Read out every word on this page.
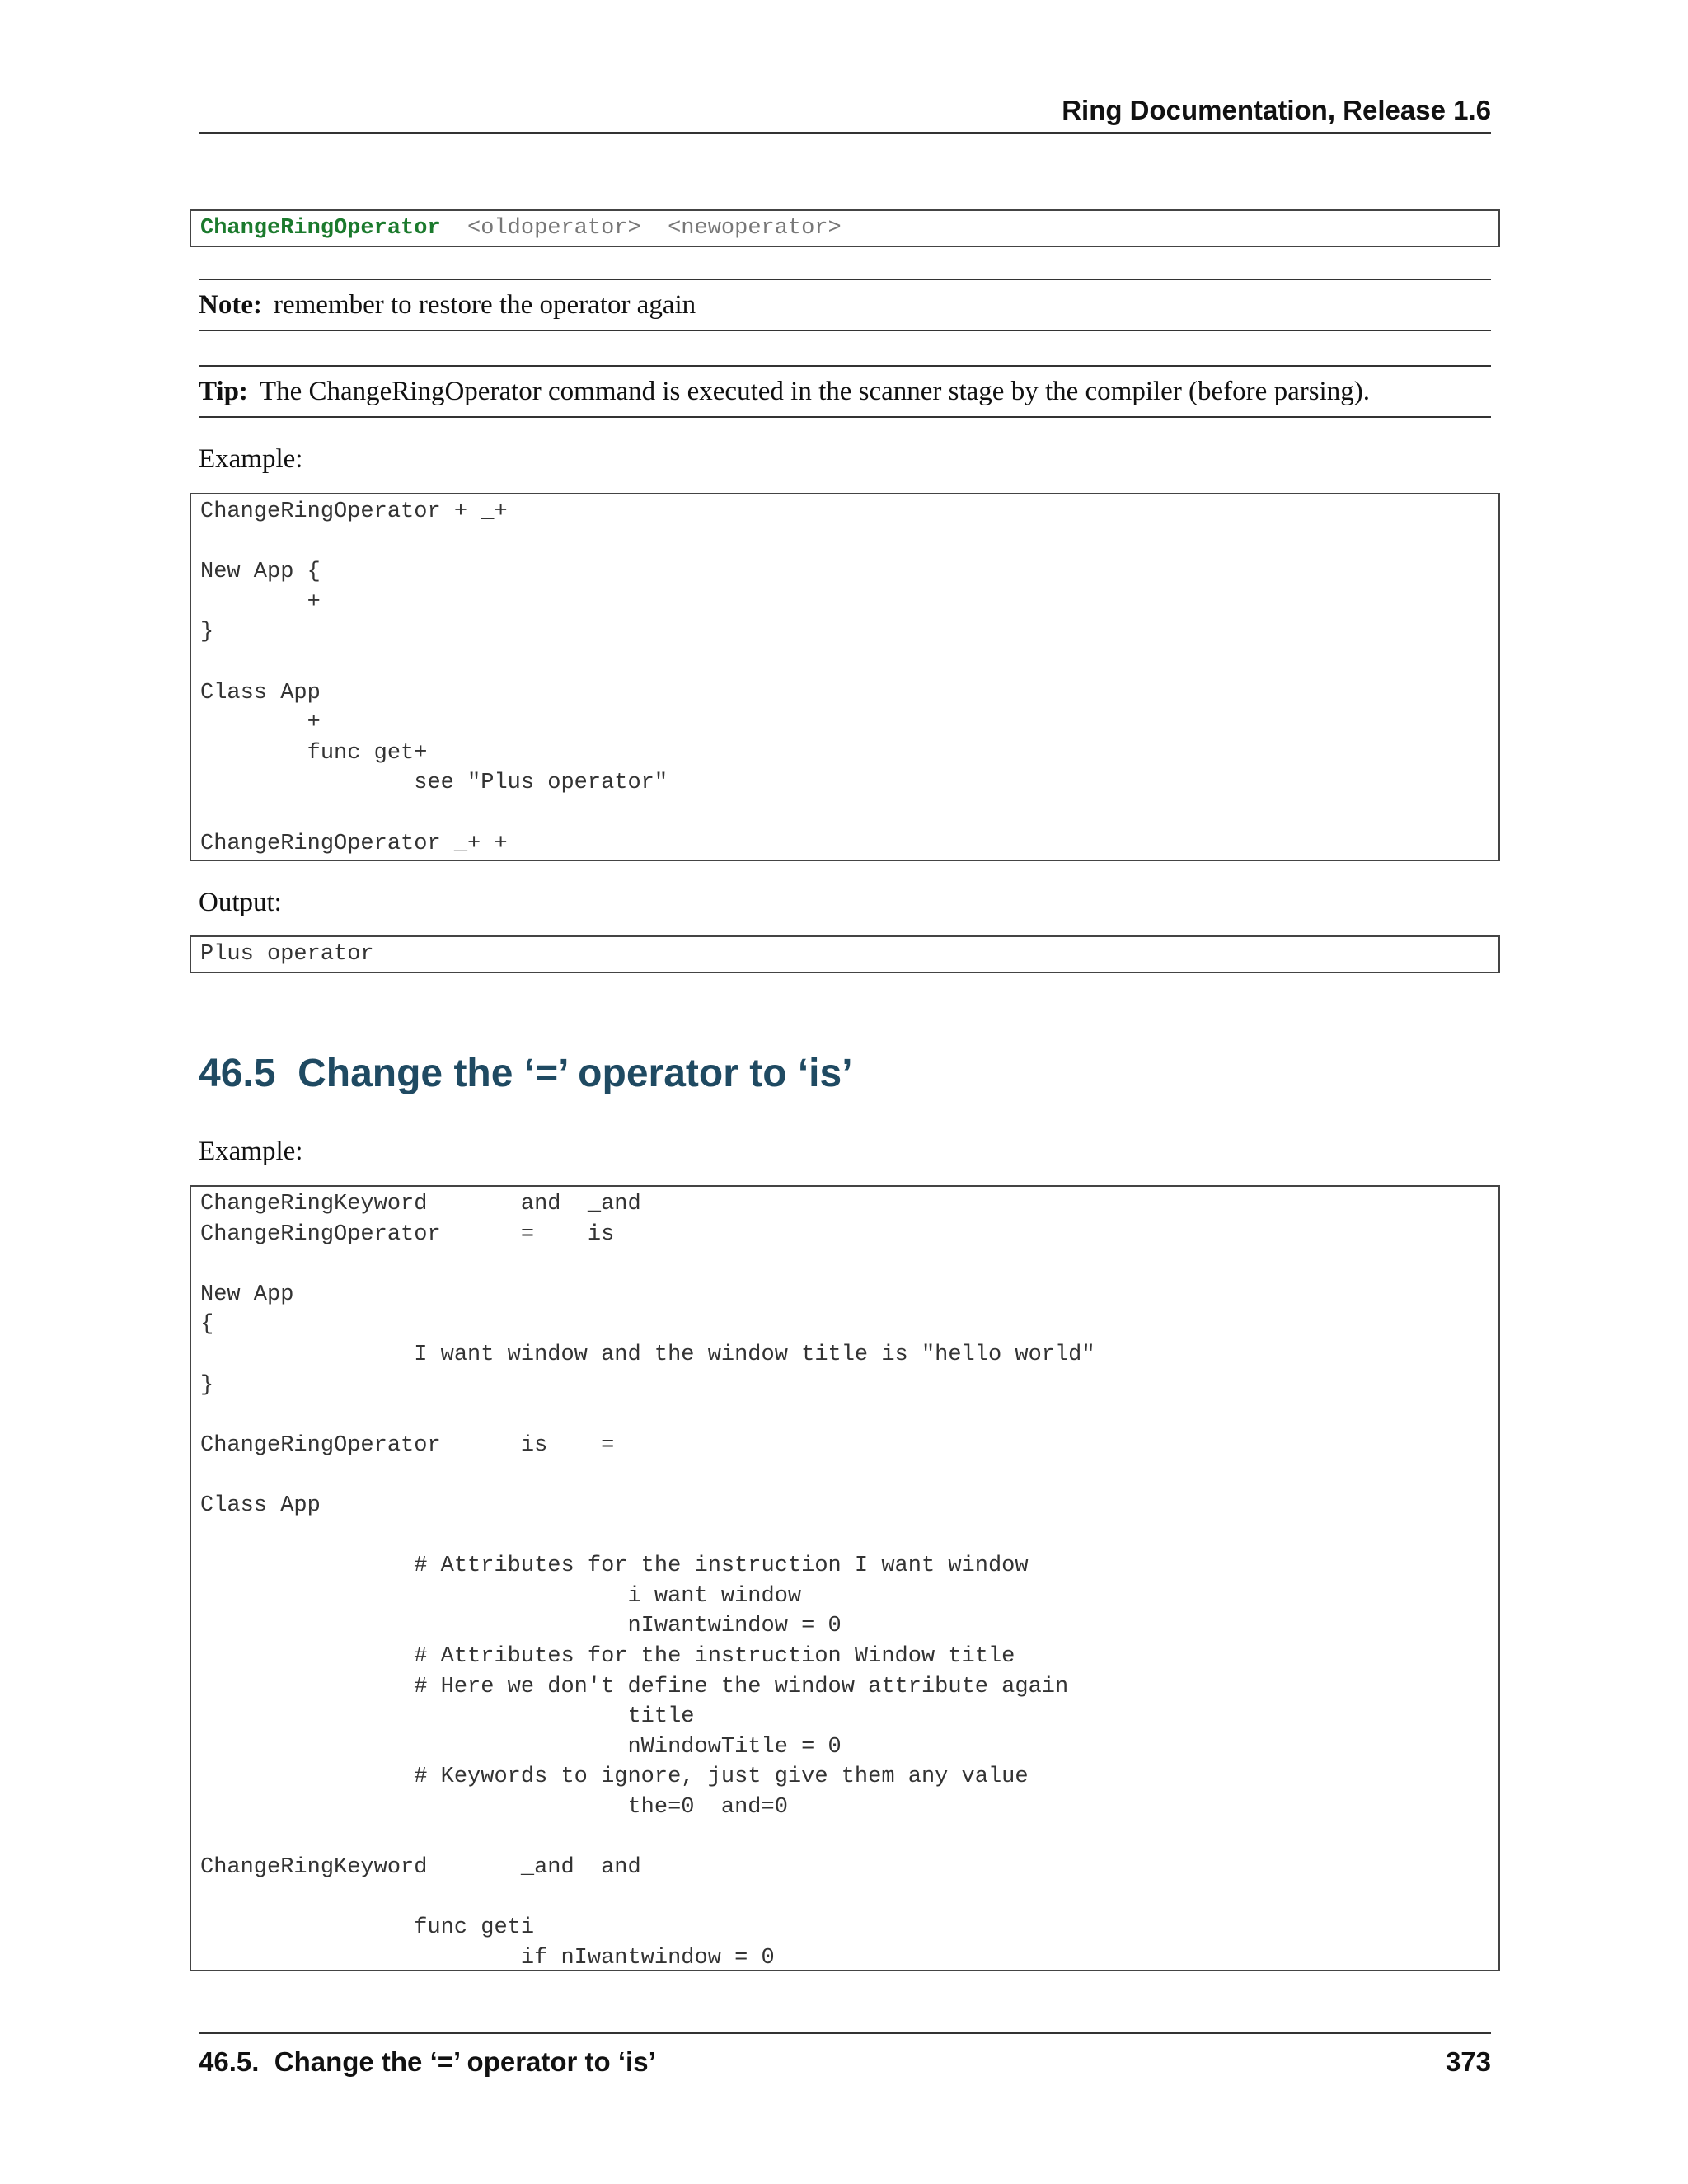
Ring Documentation, Release 1.6
ChangeRingOperator  <oldoperator>  <newoperator>
Note: remember to restore the operator again
Tip: The ChangeRingOperator command is executed in the scanner stage by the compiler (before parsing).
Example:
ChangeRingOperator + _+
New App {
+
}
Class App
+
func get+
see "Plus operator"
ChangeRingOperator _+ +
Output:
Plus operator
46.5 Change the ‘=’ operator to ‘is’
Example:
ChangeRingKeyword       and  _and
ChangeRingOperator      =    is
New App
{
I want window and the window title is "hello world"
}
ChangeRingOperator      is    =
Class App
# Attributes for the instruction I want window
i want window
nIwantwindow = 0
# Attributes for the instruction Window title
# Here we don't define the window attribute again
title
nWindowTitle = 0
# Keywords to ignore, just give them any value
the=0  and=0
ChangeRingKeyword       _and  and
func geti
if nIwantwindow = 0
46.5.  Change the ‘=’ operator to ‘is’	373
